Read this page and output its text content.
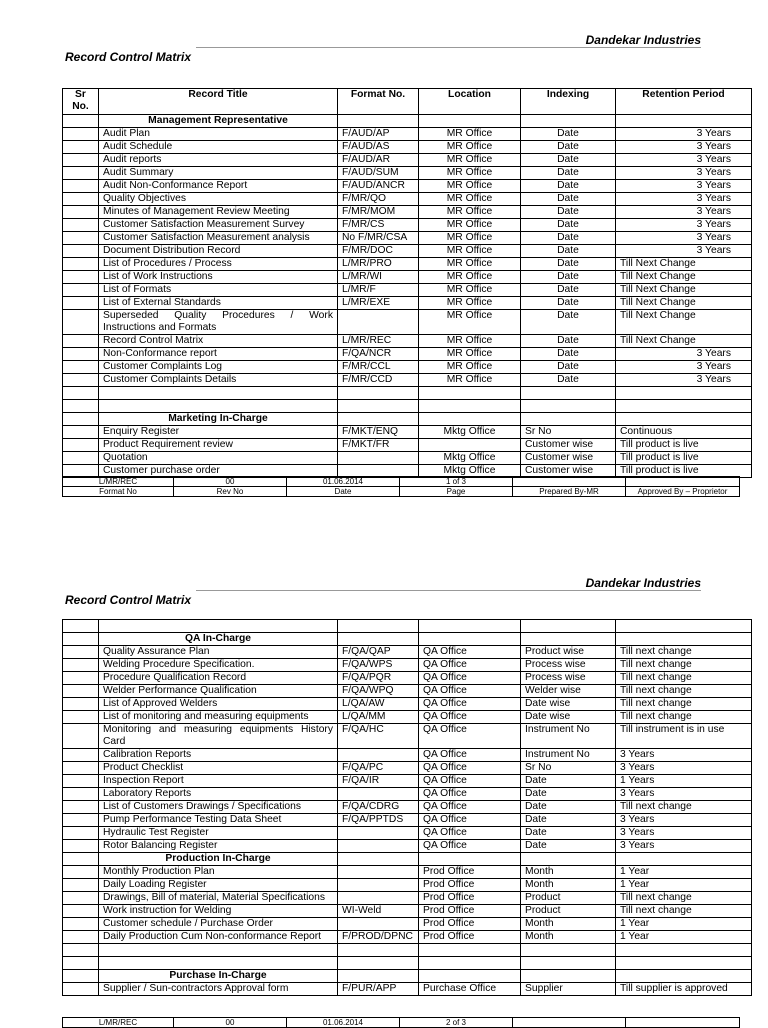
Dandekar Industries
Record Control Matrix
Sr No.	Record Title	Format No.	Location	Indexing	Retention Period
	Management Representative				
	Audit Plan	F/AUD/AP	MR Office	Date	3 Years
	Audit Schedule	F/AUD/AS	MR Office	Date	3 Years
	Audit reports	F/AUD/AR	MR Office	Date	3 Years
	Audit Summary	F/AUD/SUM	MR Office	Date	3 Years
	Audit Non-Conformance Report	F/AUD/ANCR	MR Office	Date	3 Years
	Quality Objectives	F/MR/QO	MR Office	Date	3 Years
	Minutes of Management Review Meeting	F/MR/MOM	MR Office	Date	3 Years
	Customer Satisfaction Measurement Survey	F/MR/CS	MR Office	Date	3 Years
	Customer Satisfaction Measurement analysis	No F/MR/CSA	MR Office	Date	3 Years
	Document Distribution Record	F/MR/DOC	MR Office	Date	3 Years
	List of Procedures / Process	L/MR/PRO	MR Office	Date	Till Next Change
	List of Work Instructions	L/MR/WI	MR Office	Date	Till Next Change
	List of Formats	L/MR/F	MR Office	Date	Till Next Change
	List of External Standards	L/MR/EXE	MR Office	Date	Till Next Change
	Superseded Quality Procedures / Work Instructions and Formats		MR Office	Date	Till Next Change
	Record Control Matrix	L/MR/REC	MR Office	Date	Till Next Change
	Non-Conformance report	F/QA/NCR	MR Office	Date	3 Years
	Customer Complaints Log	F/MR/CCL	MR Office	Date	3 Years
	Customer Complaints Details	F/MR/CCD	MR Office	Date	3 Years

	Marketing In-Charge				
	Enquiry Register	F/MKT/ENQ	Mktg Office	Sr No	Continuous
	Product Requirement review	F/MKT/FR		Customer wise	Till product is live
	Quotation		Mktg Office	Customer wise	Till product is live
	Customer purchase order		Mktg Office	Customer wise	Till product is live
L/MR/REC	00	01.06.2014	1 of 3		
Format No	Rev No	Date	Page	Prepared By-MR	Approved By – Proprietor
Dandekar Industries
Record Control Matrix

	QA In-Charge				
	Quality Assurance Plan	F/QA/QAP	QA Office	Product wise	Till next change
	Welding Procedure Specification.	F/QA/WPS	QA Office	Process wise	Till next change
	Procedure Qualification Record	F/QA/PQR	QA Office	Process wise	Till next change
	Welder Performance Qualification	F/QA/WPQ	QA Office	Welder wise	Till next change
	List of Approved Welders	L/QA/AW	QA Office	Date wise	Till next change
	List of monitoring and measuring equipments	L/QA/MM	QA Office	Date wise	Till next change
	Monitoring and measuring equipments History Card	F/QA/HC	QA Office	Instrument No	Till instrument is in use
	Calibration Reports		QA Office	Instrument No	3 Years
	Product Checklist	F/QA/PC	QA Office	Sr No	3 Years
	Inspection Report	F/QA/IR	QA Office	Date	1 Years
	Laboratory Reports		QA Office	Date	3 Years
	List of Customers Drawings / Specifications	F/QA/CDRG	QA Office	Date	Till next change
	Pump Performance Testing Data Sheet	F/QA/PPTDS	QA Office	Date	3 Years
	Hydraulic Test Register		QA Office	Date	3 Years
	Rotor Balancing Register		QA Office	Date	3 Years
	Production In-Charge				
	Monthly Production Plan		Prod Office	Month	1 Year
	Daily Loading Register		Prod Office	Month	1 Year
	Drawings, Bill of material, Material Specifications		Prod Office	Product	Till next change
	Work instruction for Welding	WI-Weld	Prod Office	Product	Till next change
	Customer schedule / Purchase Order		Prod Office	Month	1 Year
	Daily Production Cum Non-conformance Report	F/PROD/DPNC	Prod Office	Month	1 Year

	Purchase In-Charge				
	Supplier / Sun-contractors Approval form	F/PUR/APP	Purchase Office	Supplier	Till supplier is approved
L/MR/REC	00	01.06.2014	2 of 3		
